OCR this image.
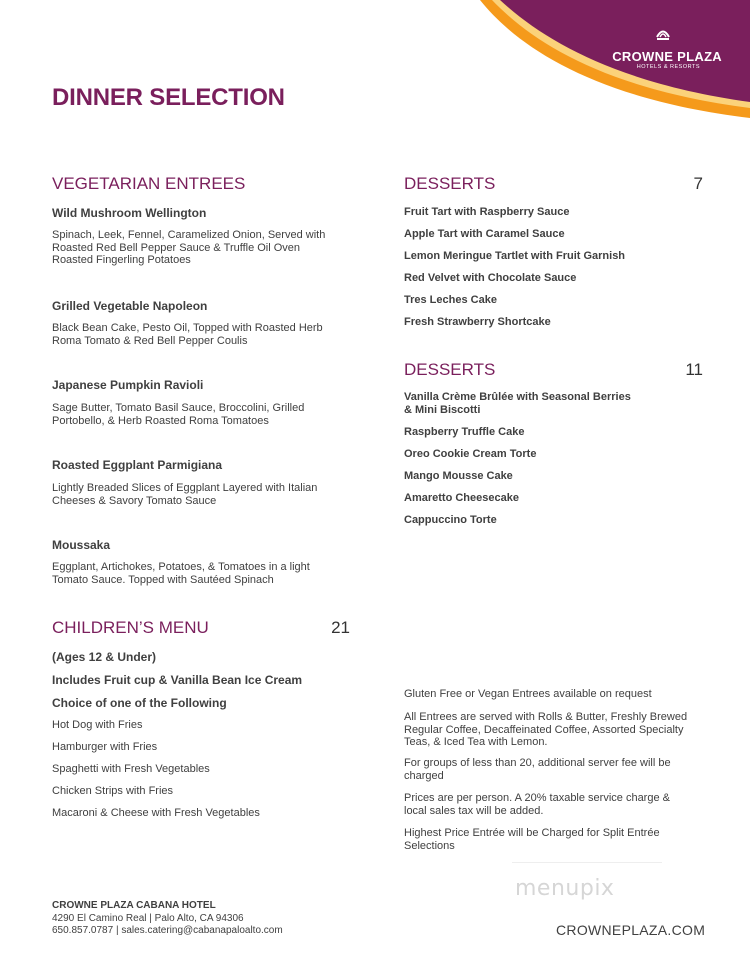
CROWNE PLAZA
HOTELS & RESORTS
DINNER SELECTION
VEGETARIAN ENTREES
Wild Mushroom Wellington
Spinach, Leek, Fennel, Caramelized Onion, Served with
Roasted Red Bell Pepper Sauce & Truffle Oil Oven
Roasted Fingerling Potatoes
Grilled Vegetable Napoleon
Black Bean Cake, Pesto Oil, Topped with Roasted Herb
Roma Tomato & Red Bell Pepper Coulis
Japanese Pumpkin Ravioli
Sage Butter, Tomato Basil Sauce, Broccolini, Grilled
Portobello, & Herb Roasted Roma Tomatoes
Roasted Eggplant Parmigiana
Lightly Breaded Slices of Eggplant Layered with Italian
Cheeses & Savory Tomato Sauce
Moussaka
Eggplant, Artichokes, Potatoes, & Tomatoes in a light
Tomato Sauce. Topped with Sautéed Spinach
CHILDREN’S MENU	21
(Ages 12 & Under)
Includes Fruit cup & Vanilla Bean Ice Cream
Choice of one of the Following
Hot Dog with Fries
Hamburger with Fries
Spaghetti with Fresh Vegetables
Chicken Strips with Fries
Macaroni & Cheese with Fresh Vegetables
DESSERTS	7
Fruit Tart with Raspberry Sauce
Apple Tart with Caramel Sauce
Lemon Meringue Tartlet with Fruit Garnish
Red Velvet with Chocolate Sauce
Tres Leches Cake
Fresh Strawberry Shortcake
DESSERTS	11
Vanilla Crème Brûlée with Seasonal Berries
& Mini Biscotti
Raspberry Truffle Cake
Oreo Cookie Cream Torte
Mango Mousse Cake
Amaretto Cheesecake
Cappuccino Torte
Gluten Free or Vegan Entrees available on request
All Entrees are served with Rolls & Butter, Freshly Brewed
Regular Coffee, Decaffeinated Coffee, Assorted Specialty
Teas, & Iced Tea with Lemon.
For groups of less than 20, additional server fee will be
charged
Prices are per person. A 20% taxable service charge &
local sales tax will be added.
Highest Price Entrée will be Charged for Split Entrée
Selections
menupix
CROWNE PLAZA CABANA HOTEL
4290 El Camino Real | Palo Alto, CA 94306
650.857.0787 | sales.catering@cabanapaloalto.com	CROWNEPLAZA.COM
